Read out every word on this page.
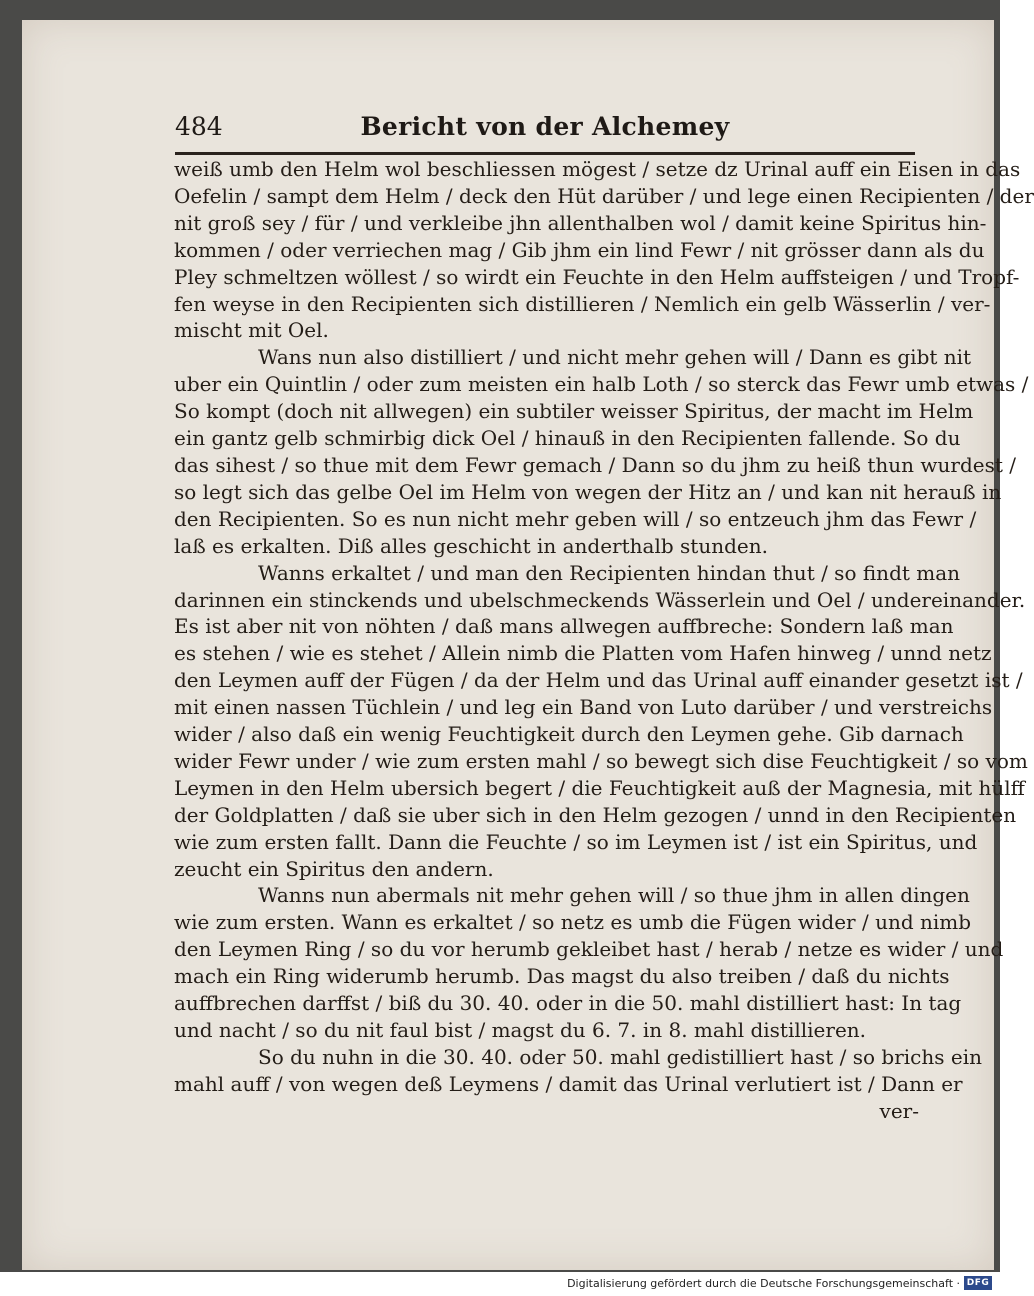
484	Bericht von der Alchemey
weiß umb den Helm wol beschliessen mögest / setze dz Urinal auff ein Eisen in das
Oefelin / sampt dem Helm / deck den Hüt darüber / und lege einen Recipienten / der
nit groß sey / für / und verkleibe jhn allenthalben wol / damit keine Spiritus hin-
kommen / oder verriechen mag / Gib jhm ein lind Fewr / nit grösser dann als du
Pley schmeltzen wöllest / so wirdt ein Feuchte in den Helm auffsteigen / und Tropf-
fen weyse in den Recipienten sich distillieren / Nemlich ein gelb Wässerlin / ver-
mischt mit Oel.
Wans nun also distilliert / und nicht mehr gehen will / Dann es gibt nit
uber ein Quintlin / oder zum meisten ein halb Loth / so sterck das Fewr umb etwas /
So kompt (doch nit allwegen) ein subtiler weisser Spiritus, der macht im Helm
ein gantz gelb schmirbig dick Oel / hinauß in den Recipienten fallende. So du
das sihest / so thue mit dem Fewr gemach / Dann so du jhm zu heiß thun wurdest /
so legt sich das gelbe Oel im Helm von wegen der Hitz an / und kan nit herauß in
den Recipienten. So es nun nicht mehr geben will / so entzeuch jhm das Fewr /
laß es erkalten. Diß alles geschicht in anderthalb stunden.
Wanns erkaltet / und man den Recipienten hindan thut / so findt man
darinnen ein stinckends und ubelschmeckends Wässerlein und Oel / undereinander.
Es ist aber nit von nöhten / daß mans allwegen auffbreche: Sondern laß man
es stehen / wie es stehet / Allein nimb die Platten vom Hafen hinweg / unnd netz
den Leymen auff der Fügen / da der Helm und das Urinal auff einander gesetzt ist /
mit einen nassen Tüchlein / und leg ein Band von Luto darüber / und verstreichs
wider / also daß ein wenig Feuchtigkeit durch den Leymen gehe. Gib darnach
wider Fewr under / wie zum ersten mahl / so bewegt sich dise Feuchtigkeit / so vom
Leymen in den Helm ubersich begert / die Feuchtigkeit auß der Magnesia, mit hülff
der Goldplatten / daß sie uber sich in den Helm gezogen / unnd in den Recipienten
wie zum ersten fallt. Dann die Feuchte / so im Leymen ist / ist ein Spiritus, und
zeucht ein Spiritus den andern.
Wanns nun abermals nit mehr gehen will / so thue jhm in allen dingen
wie zum ersten. Wann es erkaltet / so netz es umb die Fügen wider / und nimb
den Leymen Ring / so du vor herumb gekleibet hast / herab / netze es wider / und
mach ein Ring widerumb herumb. Das magst du also treiben / daß du nichts
auffbrechen darffst / biß du 30. 40. oder in die 50. mahl distilliert hast: In tag
und nacht / so du nit faul bist / magst du 6. 7. in 8. mahl distillieren.
So du nuhn in die 30. 40. oder 50. mahl gedistilliert hast / so brichs ein
mahl auff / von wegen deß Leymens / damit das Urinal verlutiert ist / Dann er
ver-
Digitalisierung gefördert durch die Deutsche Forschungsgemeinschaft · DFG
